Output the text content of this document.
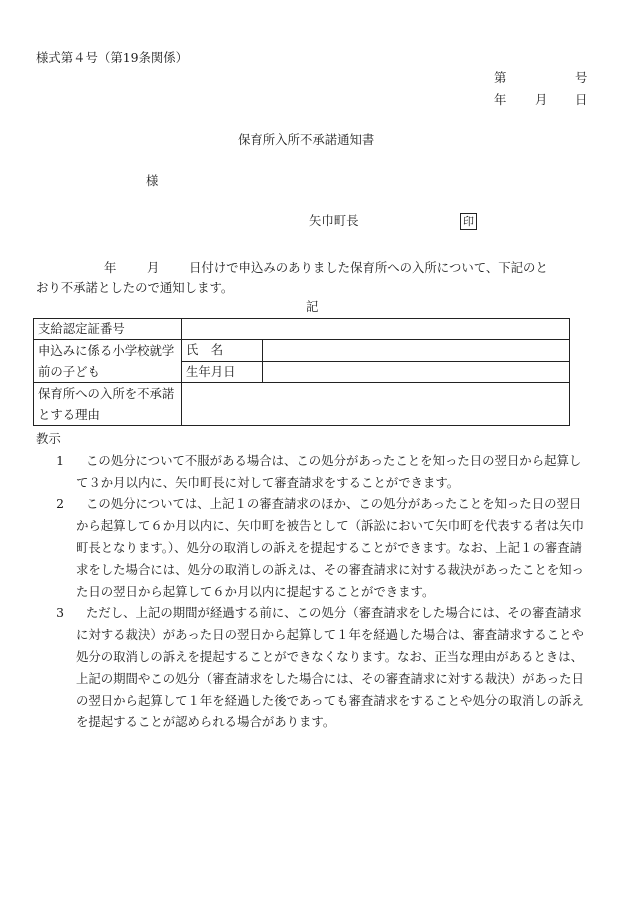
様式第４号（第19条関係）
第	号
年 月 日
保育所入所不承諾通知書
様
矢巾町長	印
年 月 日付けで申込みのありました保育所への入所について、下記のと
おり不承諾としたので通知します。
記
支給認定証番号		
申込みに係る小学校就学前の子ども	氏　名	
	生年月日	
保育所への入所を不承諾とする理由		
教示
1	この処分について不服がある場合は、この処分があったことを知った日の翌日から起算して３か月以内に、矢巾町長に対して審査請求をすることができます。
2	この処分については、上記１の審査請求のほか、この処分があったことを知った日の翌日から起算して６か月以内に、矢巾町を被告として（訴訟において矢巾町を代表する者は矢巾町長となります。）、処分の取消しの訴えを提起することができます。なお、上記１の審査請求をした場合には、処分の取消しの訴えは、その審査請求に対する裁決があったことを知った日の翌日から起算して６か月以内に提起することができます。
3	ただし、上記の期間が経過する前に、この処分（審査請求をした場合には、その審査請求に対する裁決）があった日の翌日から起算して１年を経過した場合は、審査請求することや処分の取消しの訴えを提起することができなくなります。なお、正当な理由があるときは、上記の期間やこの処分（審査請求をした場合には、その審査請求に対する裁決）があった日の翌日から起算して１年を経過した後であっても審査請求をすることや処分の取消しの訴えを提起することが認められる場合があります。
